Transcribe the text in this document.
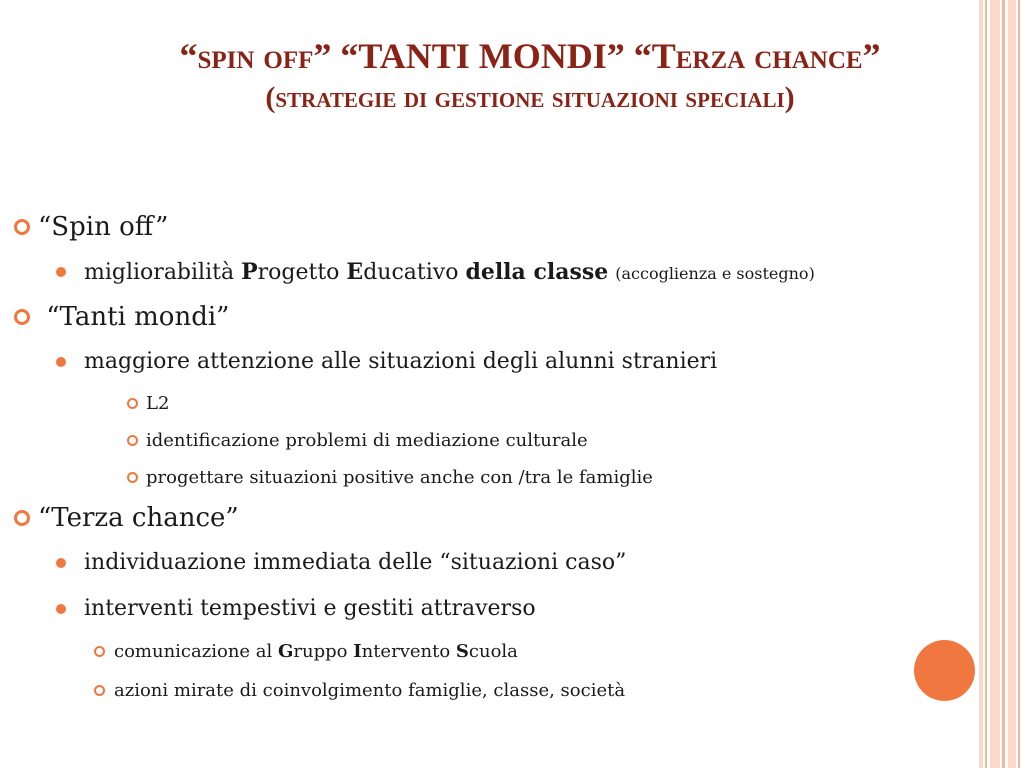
“spin off” “TANTI MONDI” “Terza chance”
(strategie di gestione situazioni speciali)
“Spin off”
migliorabilità Progetto Educativo della classe (accoglienza e sostegno)
“Tanti mondi”
maggiore attenzione alle situazioni degli alunni stranieri
L2
identificazione problemi di mediazione culturale
progettare situazioni positive anche con /tra le famiglie
“Terza chance”
individuazione immediata delle “situazioni caso”
interventi tempestivi e gestiti attraverso
comunicazione al Gruppo Intervento Scuola
azioni mirate di coinvolgimento famiglie, classe, società
